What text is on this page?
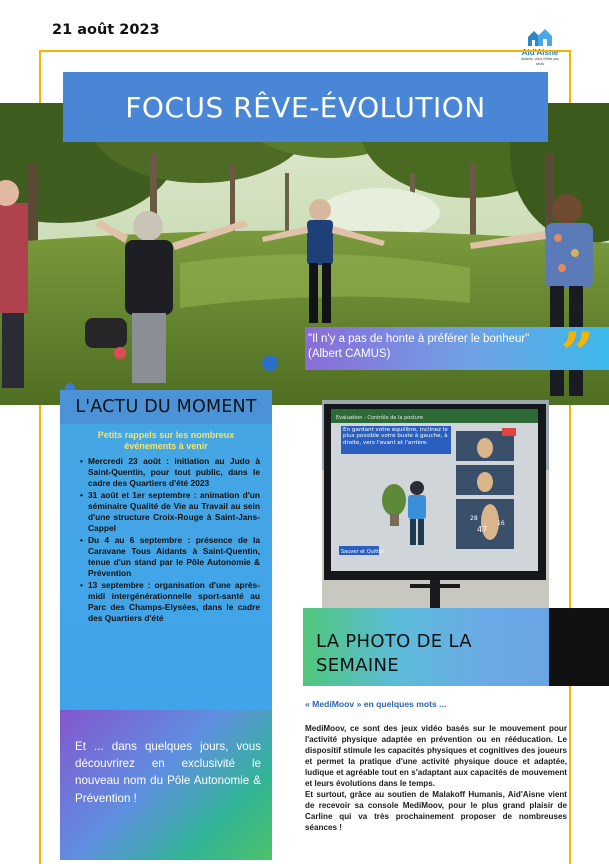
21 août 2023
Aid'Aisne
Aidants, vous n'êtes pas seuls
FOCUS RÊVE-ÉVOLUTION
"Il n'y a pas de honte à préférer le bonheur" (Albert CAMUS)	”
L'ACTU DU MOMENT
Petits rappels sur les nombreux événements à venir
• Mercredi 23 août : initiation au Judo à Saint-Quentin, pour tout public, dans le cadre des Quartiers d'été 2023
• 31 août et 1er septembre : animation d'un séminaire Qualité de Vie au Travail au sein d'une structure Croix-Rouge à Saint-Jans-Cappel
• Du 4 au 6 septembre : présence de la Caravane Tous Aidants à Saint-Quentin, tenue d'un stand par le Pôle Autonomie & Prévention
• 13 septembre : organisation d'une après-midi intergénérationnelle sport-santé au Parc des Champs-Elysées, dans le cadre des Quartiers d'été

Et ... dans quelques jours, vous découvrirez en exclusivité le nouveau nom du Pôle Autonomie & Prévention !

Evaluation - Contrôle de la posture
En gardant votre équilibre, inclinez le plus possible votre buste à gauche, à droite, vers l'avant et l'arrière.
47
28
16
Sauver et Quitter
LA PHOTO DE LA SEMAINE
« MediMoov » en quelques mots ...

MediMoov, ce sont des jeux vidéo basés sur le mouvement pour l'activité physique adaptée en prévention ou en rééducation. Le dispositif stimule les capacités physiques et cognitives des joueurs et permet la pratique d'une activité physique douce et adaptée, ludique et agréable tout en s'adaptant aux capacités de mouvement et leurs évolutions dans le temps.

Et surtout, grâce au soutien de Malakoff Humanis, Aid'Aisne vient de recevoir sa console MediMoov, pour le plus grand plaisir de Carline qui va très prochainement proposer de nombreuses séances !
